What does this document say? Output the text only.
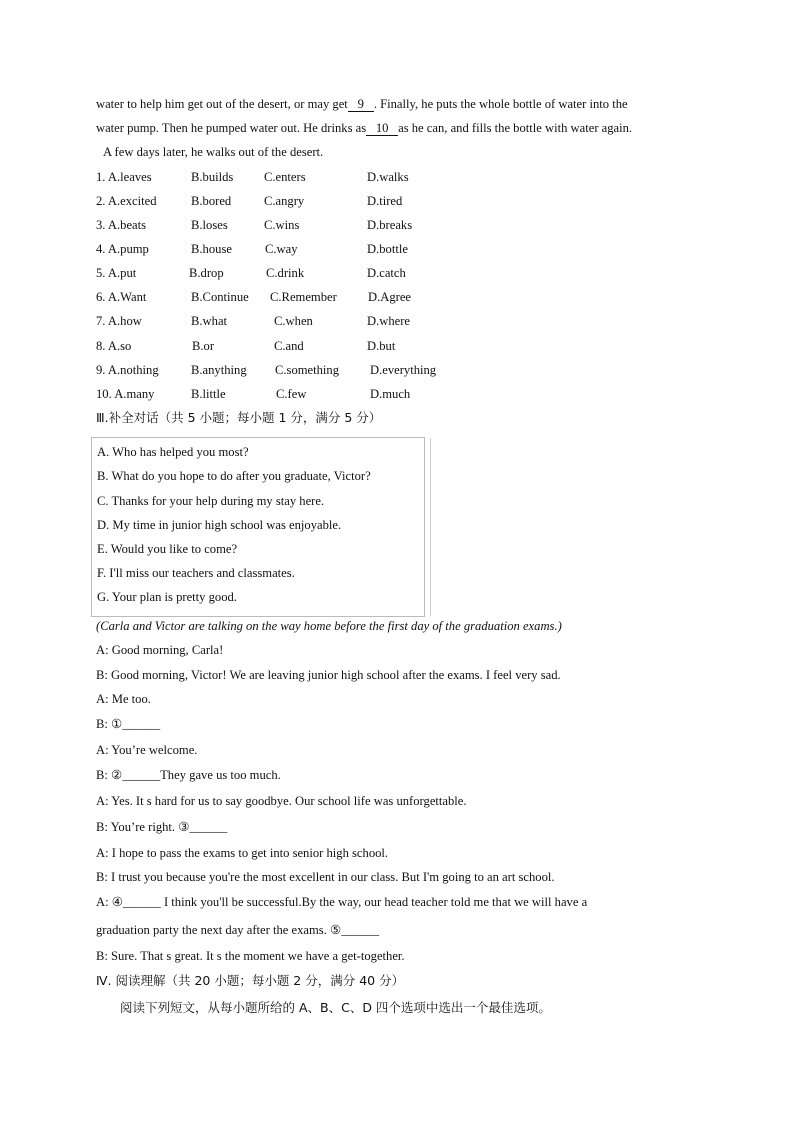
water to help him get out of the desert, or may get 9 . Finally, he puts the whole bottle of water into the
water pump. Then he pumped water out. He drinks as 10 as he can, and fills the bottle with water again.
A few days later, he walks out of the desert.
1. A.leaves	B.builds C.enters	D.walks
2. A.excited	B.bored	C.angry	D.tired
3. A.beats	B.loses	C.wins	D.breaks
4. A.pump	B.house	C.way	D.bottle
5. A.put	B.drop	C.drink	D.catch
6. A.Want	B.Continue C.Remember D.Agree
7. A.how	B.what	C.when	D.where
8. A.so	B.or	C.and	D.but
9. A.nothing	B.anything C.something D.everything
10. A.many	B.little	C.few	D.much
Ⅲ.补全对话（共 5 小题；每小题 1 分，满分 5 分）
A. Who has helped you most?
B. What do you hope to do after you graduate, Victor?
C. Thanks for your help during my stay here.
D. My time in junior high school was enjoyable.
E. Would you like to come?
F. I'll miss our teachers and classmates.
G. Your plan is pretty good.
(Carla and Victor are talking on the way home before the first day of the graduation exams.)
A: Good morning, Carla!
B: Good morning, Victor! We are leaving junior high school after the exams. I feel very sad.
A: Me too.
B: ①______
A: You’re welcome.
B: ②______They gave us too much.
A: Yes. It s hard for us to say goodbye. Our school life was unforgettable.
B: You’re right. ③______
A: I hope to pass the exams to get into senior high school.
B: I trust you because you're the most excellent in our class. But I'm going to an art school.
A: ④______ I think you'll be successful.By the way, our head teacher told me that we will have a
graduation party the next day after the exams. ⑤______
B: Sure. That s great. It s the moment we have a get-together.
Ⅳ. 阅读理解（共 20 小题；每小题 2 分，满分 40 分）
阅读下列短文，从每小题所给的 A、B、C、D 四个选项中选出一个最佳选项。
